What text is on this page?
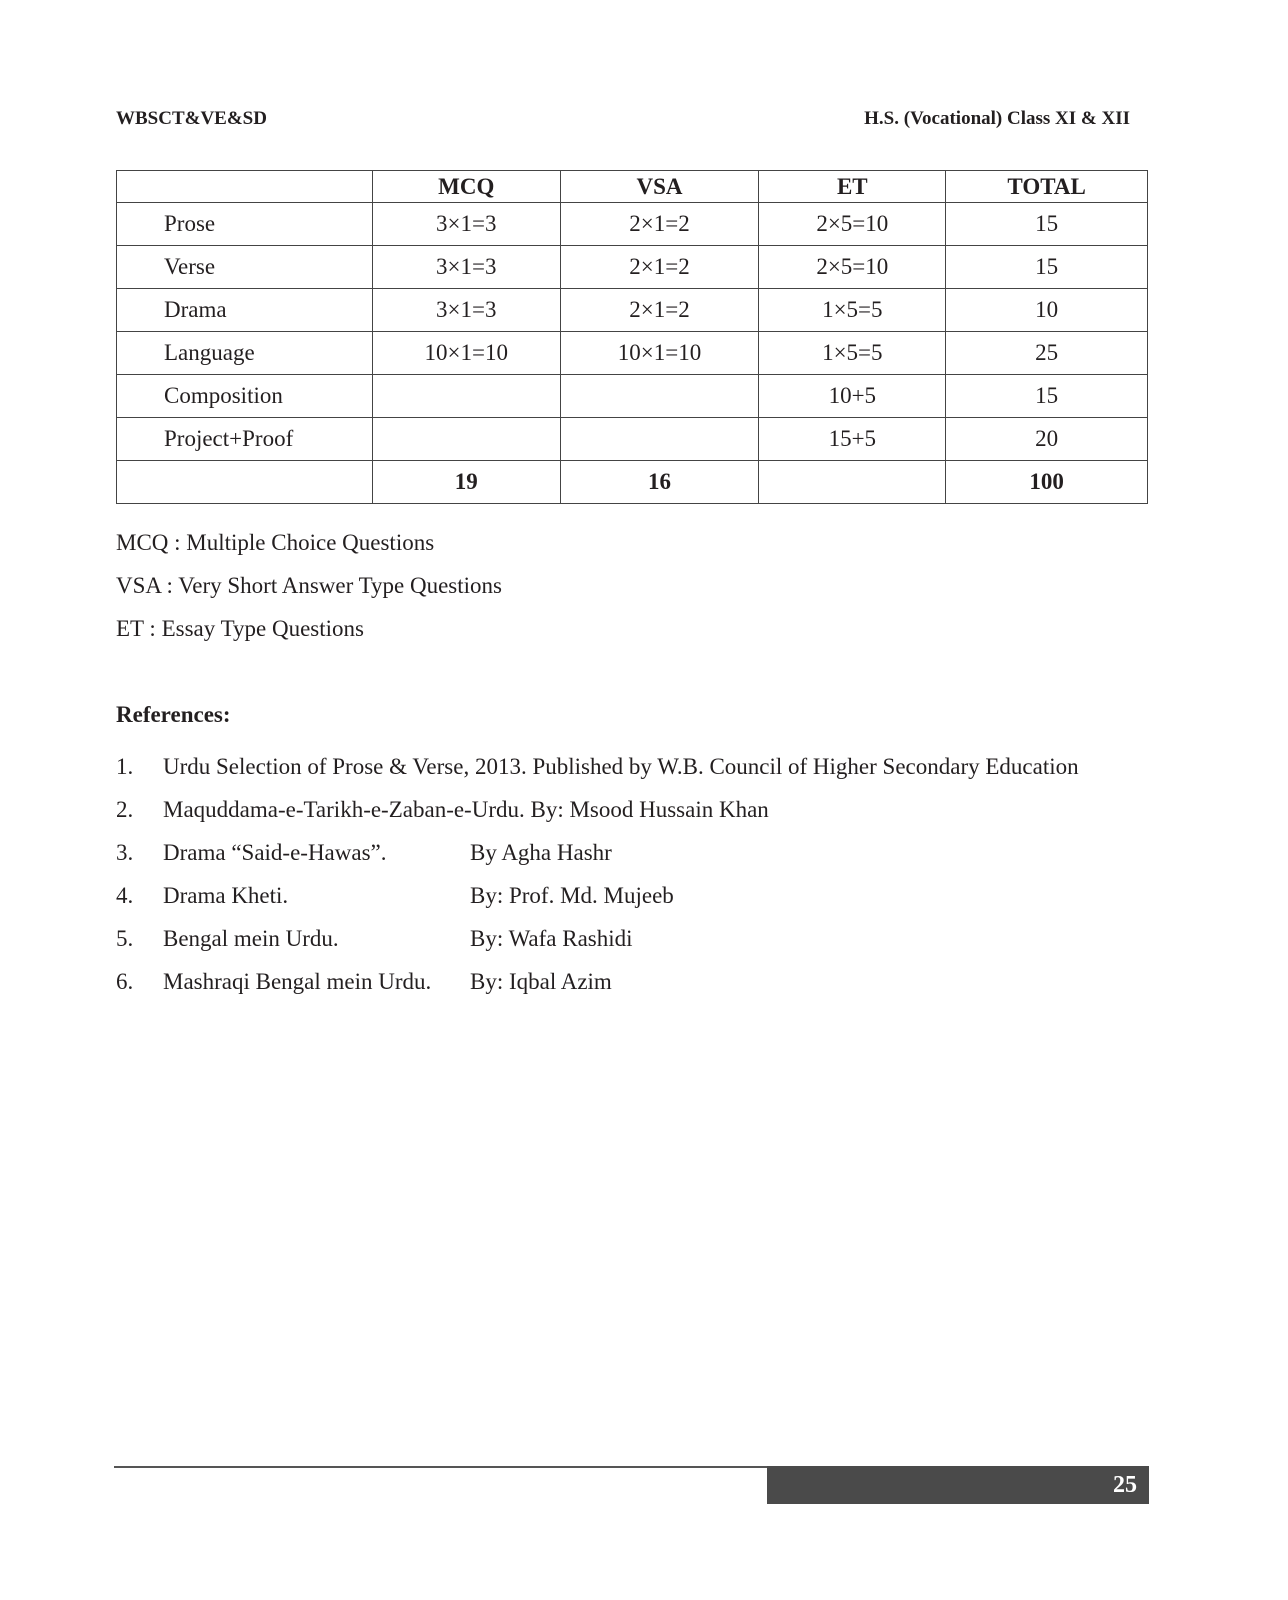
WBSCT&VE&SD	H.S. (Vocational) Class XI & XII
	MCQ	VSA	ET	TOTAL
Prose	3×1=3	2×1=2	2×5=10	15
Verse	3×1=3	2×1=2	2×5=10	15
Drama	3×1=3	2×1=2	1×5=5	10
Language	10×1=10	10×1=10	1×5=5	25
Composition			10+5	15
Project+Proof			15+5	20
	19	16		100
MCQ : Multiple Choice Questions
VSA : Very Short Answer Type Questions
ET : Essay Type Questions
References:
1. Urdu Selection of Prose & Verse, 2013. Published by W.B. Council of Higher Secondary Education
2. Maquddama-e-Tarikh-e-Zaban-e-Urdu. By: Msood Hussain Khan
3. Drama “Said-e-Hawas”.	By Agha Hashr
4. Drama Kheti.	By: Prof. Md. Mujeeb
5. Bengal mein Urdu.	By: Wafa Rashidi
6. Mashraqi Bengal mein Urdu. By: Iqbal Azim
25
